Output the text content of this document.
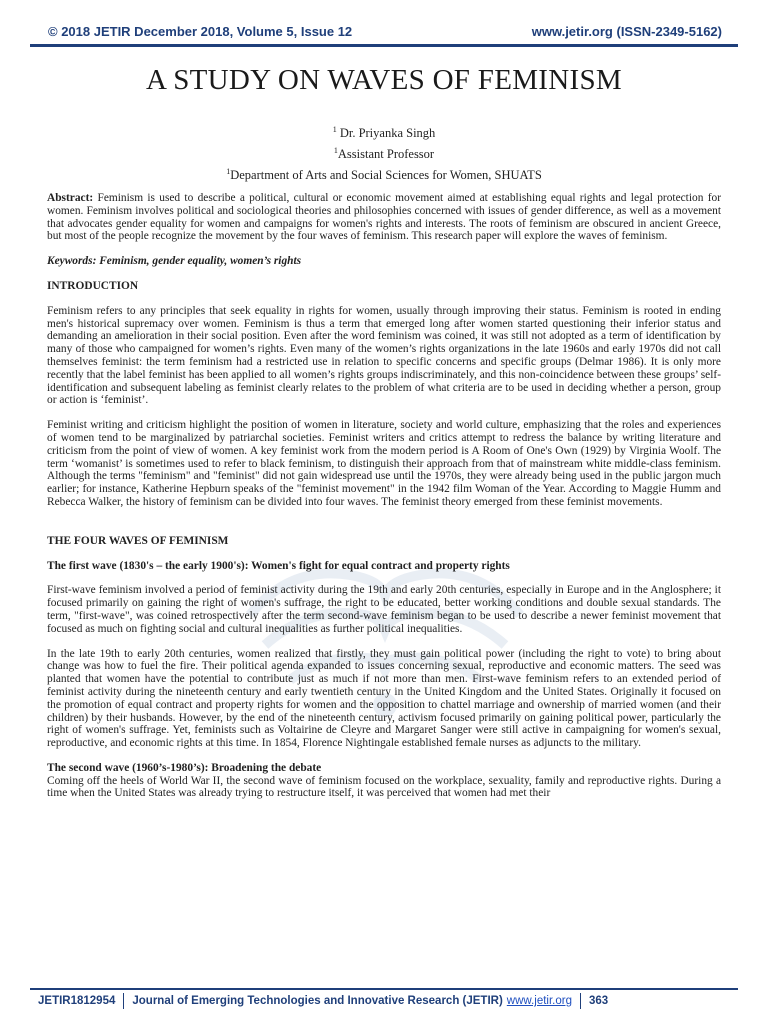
© 2018 JETIR December 2018, Volume 5, Issue 12	www.jetir.org (ISSN-2349-5162)
A STUDY ON WAVES OF FEMINISM
$^1$ Dr. Priyanka Singh
$^1$Assistant Professor
$^1$Department of Arts and Social Sciences for Women, SHUATS

Abstract: Feminism is used to describe a political, cultural or economic movement aimed at establishing equal rights and legal protection for women. Feminism involves political and sociological theories and philosophies concerned with issues of gender difference, as well as a movement that advocates gender equality for women and campaigns for women's rights and interests. The roots of feminism are obscured in ancient Greece, but most of the people recognize the movement by the four waves of feminism. This research paper will explore the waves of feminism.

Keywords: Feminism, gender equality, women’s rights

INTRODUCTION

Feminism refers to any principles that seek equality in rights for women, usually through improving their status. Feminism is rooted in ending men's historical supremacy over women. Feminism is thus a term that emerged long after women started questioning their inferior status and demanding an amelioration in their social position. Even after the word feminism was coined, it was still not adopted as a term of identification by many of those who campaigned for women’s rights. Even many of the women’s rights organizations in the late 1960s and early 1970s did not call themselves feminist: the term feminism had a restricted use in relation to specific concerns and specific groups (Delmar 1986). It is only more recently that the label feminist has been applied to all women’s rights groups indiscriminately, and this non-coincidence between these groups’ self-identification and subsequent labeling as feminist clearly relates to the problem of what criteria are to be used in deciding whether a person, group or action is ‘feminist’.

Feminist writing and criticism highlight the position of women in literature, society and world culture, emphasizing that the roles and experiences of women tend to be marginalized by patriarchal societies. Feminist writers and critics attempt to redress the balance by writing literature and criticism from the point of view of women. A key feminist work from the modern period is A Room of One's Own (1929) by Virginia Woolf. The term ‘womanist’ is sometimes used to refer to black feminism, to distinguish their approach from that of mainstream white middle-class feminism. Although the terms "feminism" and "feminist" did not gain widespread use until the 1970s, they were already being used in the public jargon much earlier; for instance, Katherine Hepburn speaks of the "feminist movement" in the 1942 film Woman of the Year. According to Maggie Humm and Rebecca Walker, the history of feminism can be divided into four waves. The feminist theory emerged from these feminist movements.

THE FOUR WAVES OF FEMINISM

The first wave (1830's – the early 1900's): Women's fight for equal contract and property rights

First-wave feminism involved a period of feminist activity during the 19th and early 20th centuries, especially in Europe and in the Anglosphere; it focused primarily on gaining the right of women's suffrage, the right to be educated, better working conditions and double sexual standards. The term, "first-wave", was coined retrospectively after the term second-wave feminism began to be used to describe a newer feminist movement that focused as much on fighting social and cultural inequalities as further political inequalities.

In the late 19th to early 20th centuries, women realized that firstly, they must gain political power (including the right to vote) to bring about change was how to fuel the fire. Their political agenda expanded to issues concerning sexual, reproductive and economic matters. The seed was planted that women have the potential to contribute just as much if not more than men. First-wave feminism refers to an extended period of feminist activity during the nineteenth century and early twentieth century in the United Kingdom and the United States. Originally it focused on the promotion of equal contract and property rights for women and the opposition to chattel marriage and ownership of married women (and their children) by their husbands. However, by the end of the nineteenth century, activism focused primarily on gaining political power, particularly the right of women's suffrage. Yet, feminists such as Voltairine de Cleyre and Margaret Sanger were still active in campaigning for women's sexual, reproductive, and economic rights at this time. In 1854, Florence Nightingale established female nurses as adjuncts to the military.

The second wave (1960’s-1980’s): Broadening the debate

Coming off the heels of World War II, the second wave of feminism focused on the workplace, sexuality, family and reproductive rights. During a time when the United States was already trying to restructure itself, it was perceived that women had met their

JETIR1812954	Journal of Emerging Technologies and Innovative Research (JETIR) www.jetir.org	363
